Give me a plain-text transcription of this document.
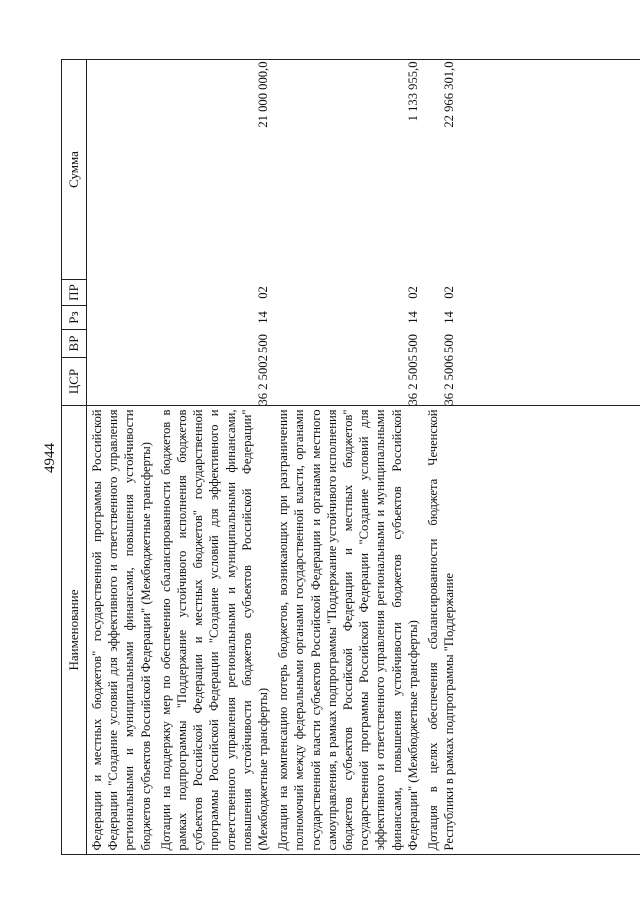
4944
Наименование	ЦСР	ВР	Рз	ПР	Сумма
Федерации и местных бюджетов" государственной программы Российской Федерации "Создание условий для эффективного и ответственного управления региональными и муниципальными финансами, повышения устойчивости бюджетов субъектов Российской Федерации" (Межбюджетные трансферты)					
Дотации на поддержку мер по обеспечению сбалансированности бюджетов в рамках подпрограммы "Поддержание устойчивого исполнения бюджетов субъектов Российской Федерации и местных бюджетов" государственной программы Российской Федерации "Создание условий для эффективного и ответственного управления региональными и муниципальными финансами, повышения устойчивости бюджетов субъектов Российской Федерации" (Межбюджетные трансферты)	36 2 5002	500	14	02	21 000 000,0
Дотации на компенсацию потерь бюджетов, возникающих при разграничении полномочий между федеральными органами государственной власти, органами государственной власти субъектов Российской Федерации и органами местного самоуправления, в рамках подпрограммы "Поддержание устойчивого исполнения бюджетов субъектов Российской Федерации и местных бюджетов" государственной программы Российской Федерации "Создание условий для эффективного и ответственного управления региональными и муниципальными финансами, повышения устойчивости бюджетов субъектов Российской Федерации" (Межбюджетные трансферты)	36 2 5005	500	14	02	1 133 955,0
Дотация в целях обеспечения сбалансированности бюджета Чеченской Республики в рамках подпрограммы "Поддержание	36 2 5006	500	14	02	22 966 301,0
